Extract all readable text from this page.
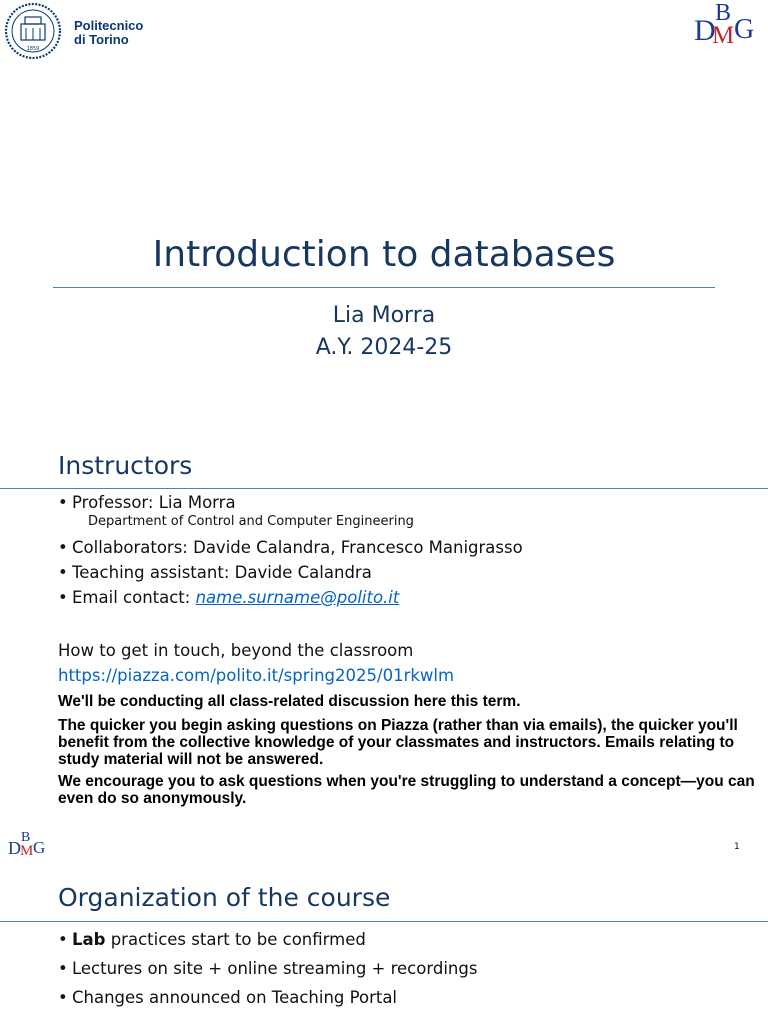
1859
Politecnico
di Torino	D
B
M G
Introduction to databases
Lia Morra
A.Y. 2024-25
Instructors
• Professor: Lia Morra
Department of Control and Computer Engineering
• Collaborators: Davide Calandra, Francesco Manigrasso
• Teaching assistant: Davide Calandra
• Email contact: name.surname@polito.it
How to get in touch, beyond the classroom
https://piazza.com/polito.it/spring2025/01rkwlm
We'll be conducting all class-related discussion here this term.
The quicker you begin asking questions on Piazza (rather than via emails), the quicker you'll benefit from the collective knowledge of your classmates and instructors. Emails relating to study material will not be answered.
We encourage you to ask questions when you're struggling to understand a concept—you can even do so anonymously.
D
B
M G	1
Organization of the course
• Lab practices start to be confirmed
• Lectures on site + online streaming + recordings
• Changes announced on Teaching Portal
